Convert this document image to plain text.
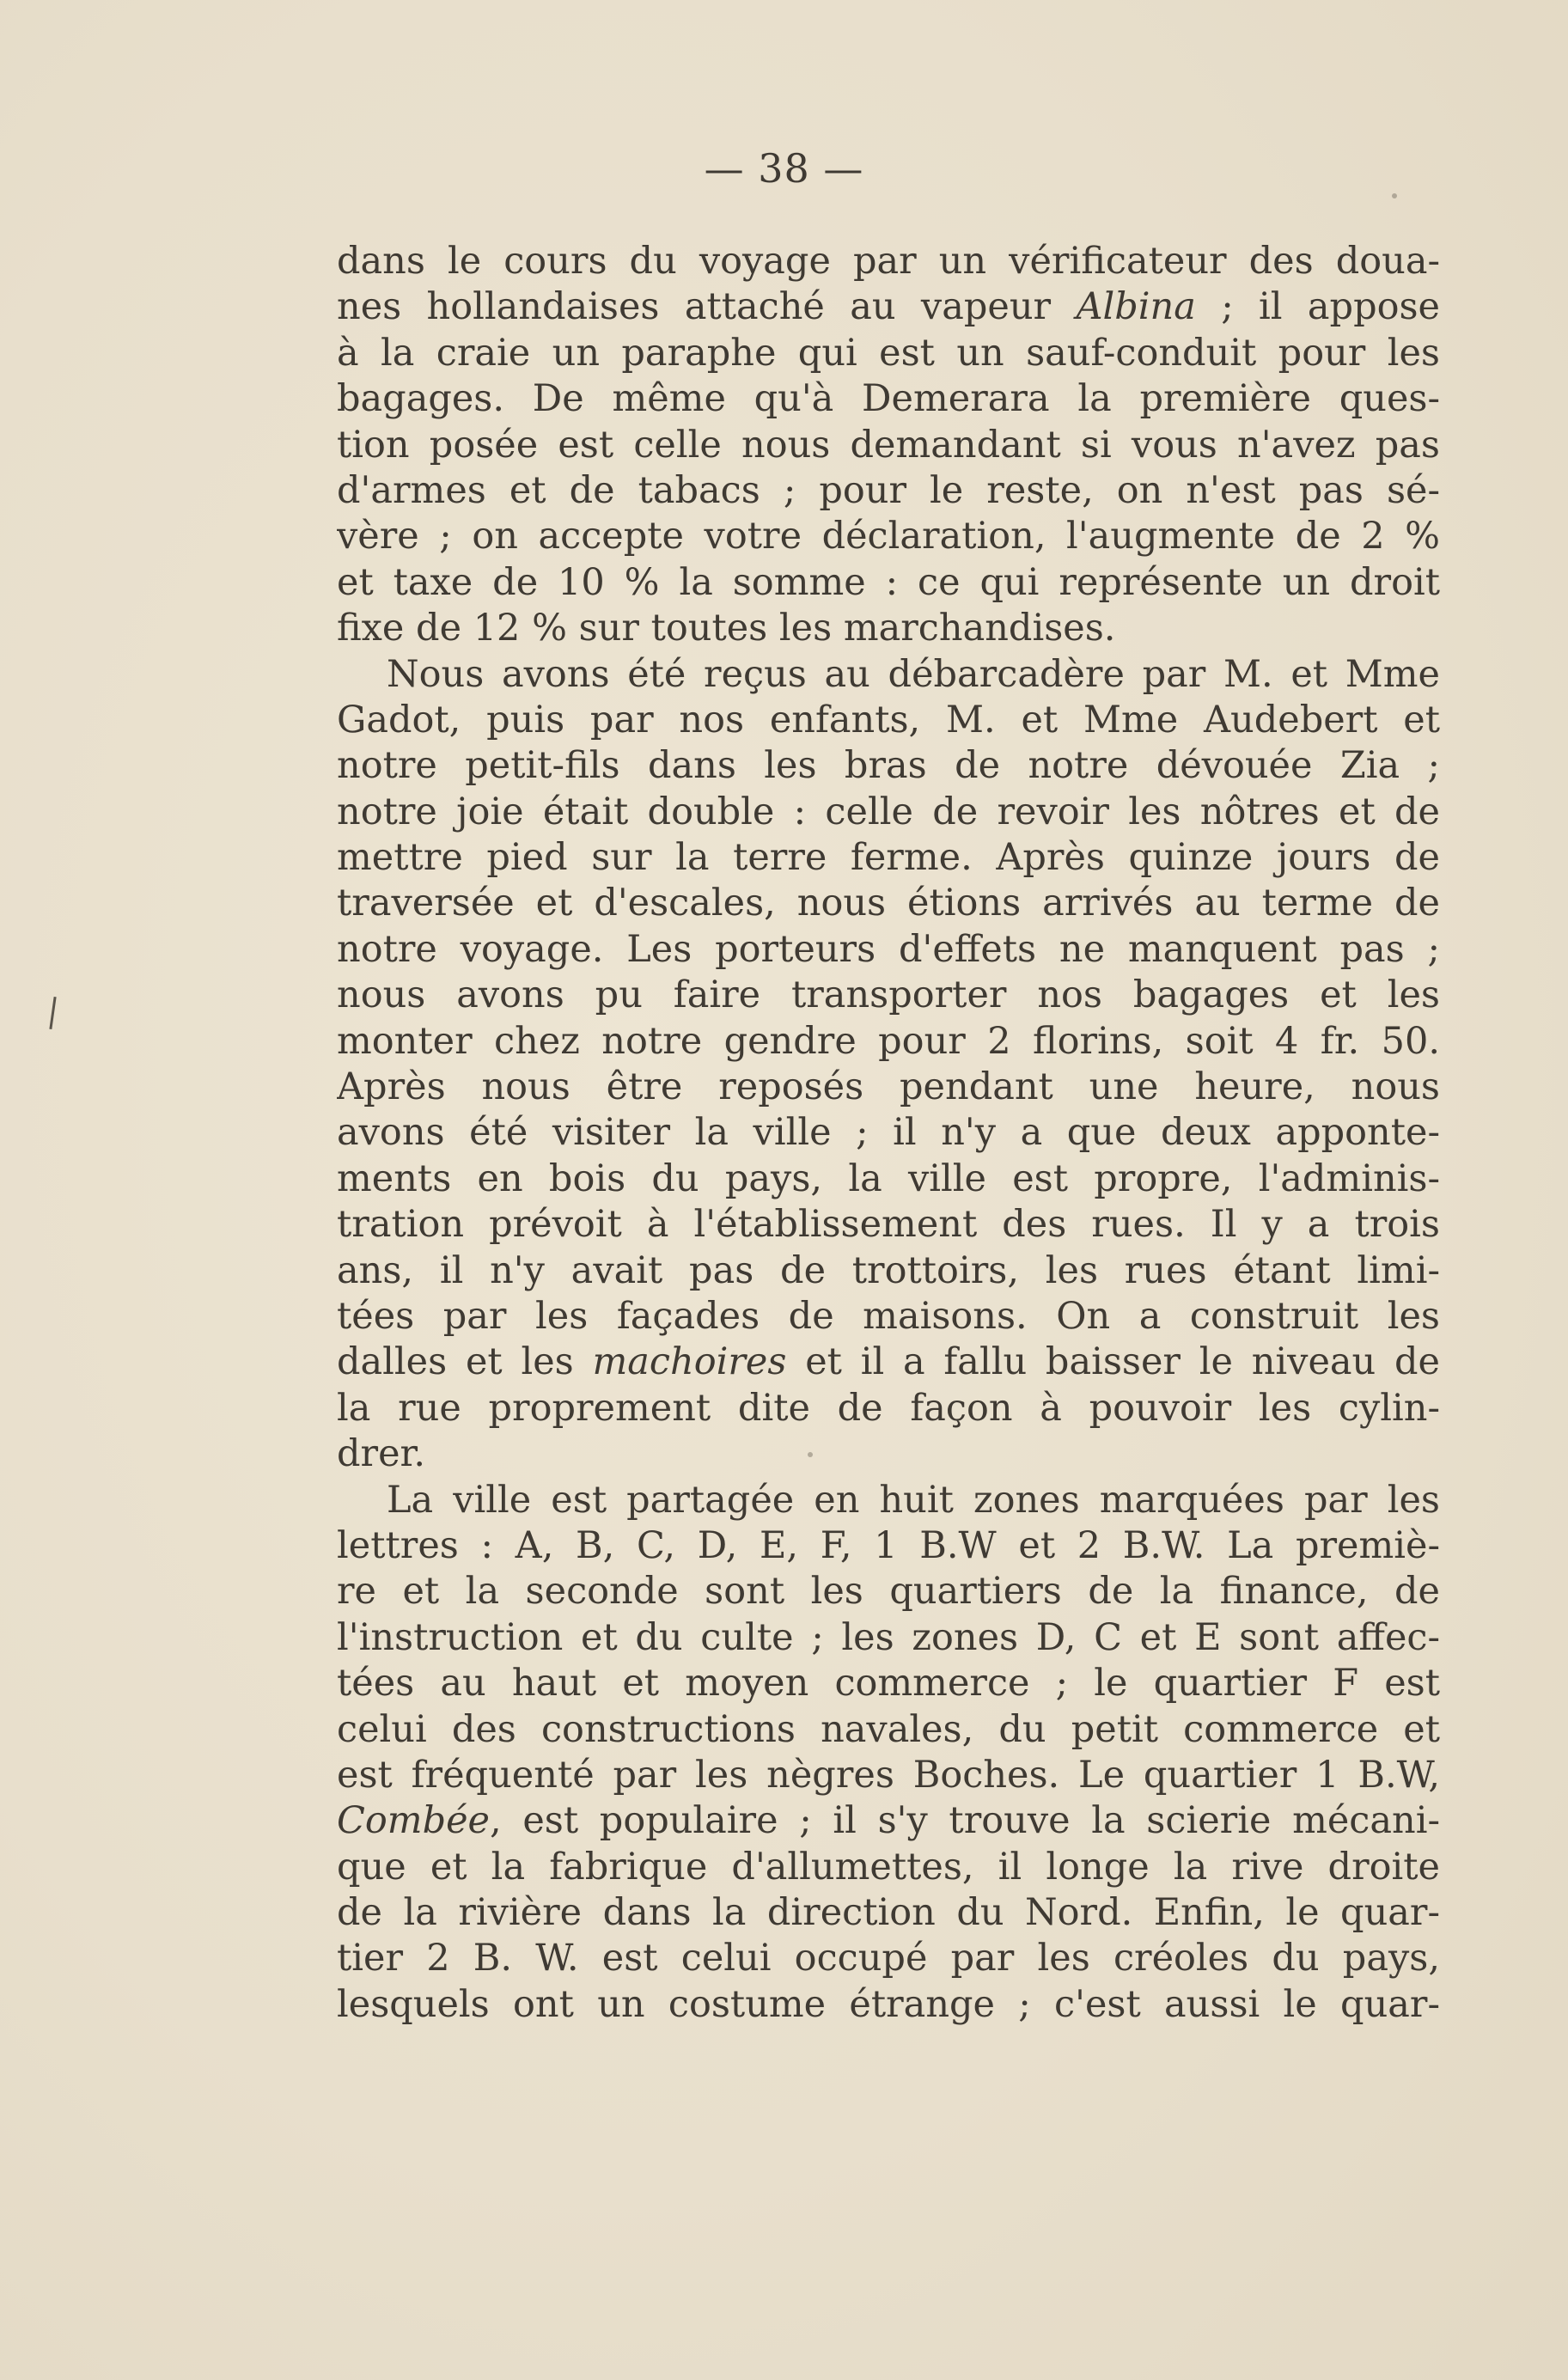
— 38 —
dans le cours du voyage par un vérificateur des doua-
nes hollandaises attaché au vapeur Albina ; il appose
à la craie un paraphe qui est un sauf-conduit pour les
bagages. De même qu'à Demerara la première ques-
tion posée est celle nous demandant si vous n'avez pas
d'armes et de tabacs ; pour le reste, on n'est pas sé-
vère ; on accepte votre déclaration, l'augmente de 2 %
et taxe de 10 % la somme : ce qui représente un droit
fixe de 12 % sur toutes les marchandises.
Nous avons été reçus au débarcadère par M. et Mme
Gadot, puis par nos enfants, M. et Mme Audebert et
notre petit-fils dans les bras de notre dévouée Zia ;
notre joie était double : celle de revoir les nôtres et de
mettre pied sur la terre ferme. Après quinze jours de
traversée et d'escales, nous étions arrivés au terme de
notre voyage. Les porteurs d'effets ne manquent pas ;
nous avons pu faire transporter nos bagages et les
monter chez notre gendre pour 2 florins, soit 4 fr. 50.
Après nous être reposés pendant une heure, nous
avons été visiter la ville ; il n'y a que deux apponte-
ments en bois du pays, la ville est propre, l'adminis-
tration prévoit à l'établissement des rues. Il y a trois
ans, il n'y avait pas de trottoirs, les rues étant limi-
tées par les façades de maisons. On a construit les
dalles et les machoires et il a fallu baisser le niveau de
la rue proprement dite de façon à pouvoir les cylin-
drer.
La ville est partagée en huit zones marquées par les
lettres : A, B, C, D, E, F, 1 B.W et 2 B.W. La premiè-
re et la seconde sont les quartiers de la finance, de
l'instruction et du culte ; les zones D, C et E sont affec-
tées au haut et moyen commerce ; le quartier F est
celui des constructions navales, du petit commerce et
est fréquenté par les nègres Boches. Le quartier 1 B.W,
Combée, est populaire ; il s'y trouve la scierie mécani-
que et la fabrique d'allumettes, il longe la rive droite
de la rivière dans la direction du Nord. Enfin, le quar-
tier 2 B. W. est celui occupé par les créoles du pays,
lesquels ont un costume étrange ; c'est aussi le quar-
